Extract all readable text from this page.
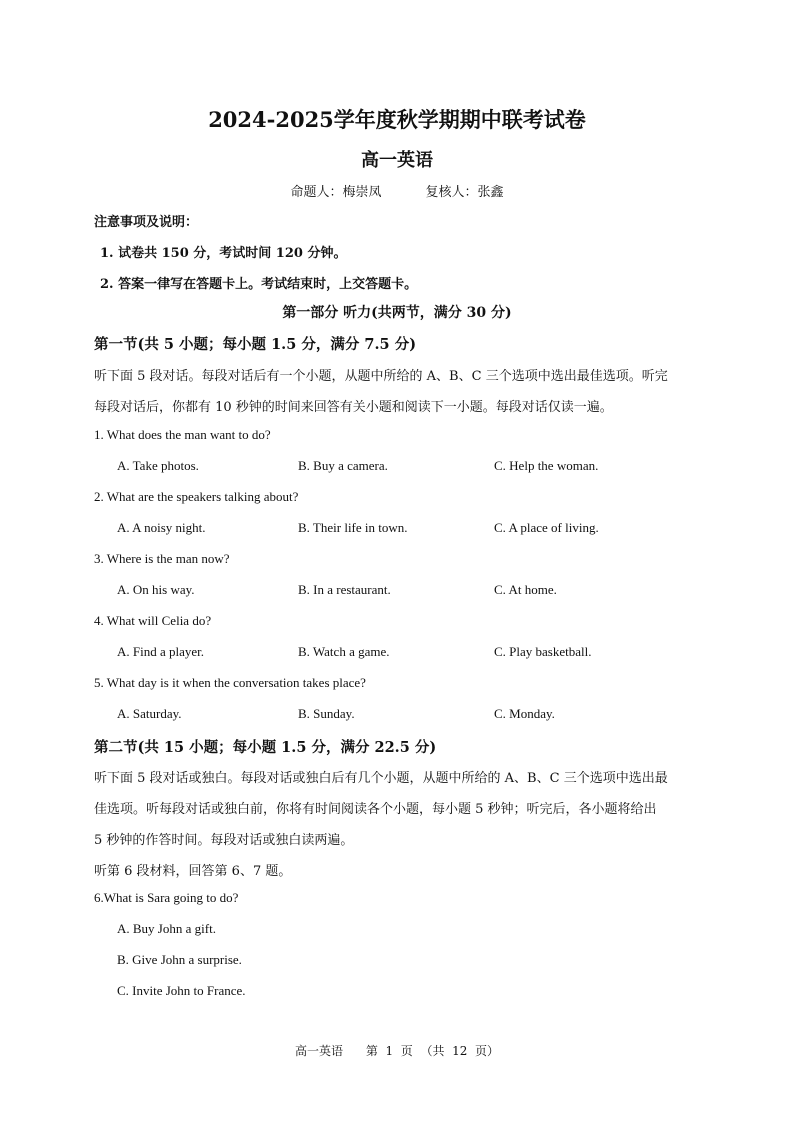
2024-2025学年度秋学期期中联考试卷
高一英语
命题人：梅崇凤	复核人：张鑫
注意事项及说明：
1. 试卷共 150 分，考试时间 120 分钟。
2. 答案一律写在答题卡上。考试结束时，上交答题卡。
第一部分 听力(共两节，满分 30 分)
第一节(共 5 小题；每小题 1.5 分，满分 7.5 分)
听下面 5 段对话。每段对话后有一个小题，从题中所给的 A、B、C 三个选项中选出最佳选项。听完
每段对话后，你都有 10 秒钟的时间来回答有关小题和阅读下一小题。每段对话仅读一遍。
1. What does the man want to do?
A. Take photos.	B. Buy a camera.	C. Help the woman.
2. What are the speakers talking about?
A. A noisy night.	B. Their life in town.	C. A place of living.
3. Where is the man now?
A. On his way.	B. In a restaurant.	C. At home.
4. What will Celia do?
A. Find a player.	B. Watch a game.	C. Play basketball.
5. What day is it when the conversation takes place?
A. Saturday.	B. Sunday.	C. Monday.
第二节(共 15 小题；每小题 1.5 分，满分 22.5 分)
听下面 5 段对话或独白。每段对话或独白后有几个小题，从题中所给的 A、B、C 三个选项中选出最
佳选项。听每段对话或独白前，你将有时间阅读各个小题，每小题 5 秒钟；听完后，各小题将给出
5 秒钟的作答时间。每段对话或独白读两遍。
听第 6 段材料，回答第 6、7 题。
6.What is Sara going to do?
A. Buy John a gift.
B. Give John a surprise.
C. Invite John to France.
高一英语      第  1  页  （共  12  页）
